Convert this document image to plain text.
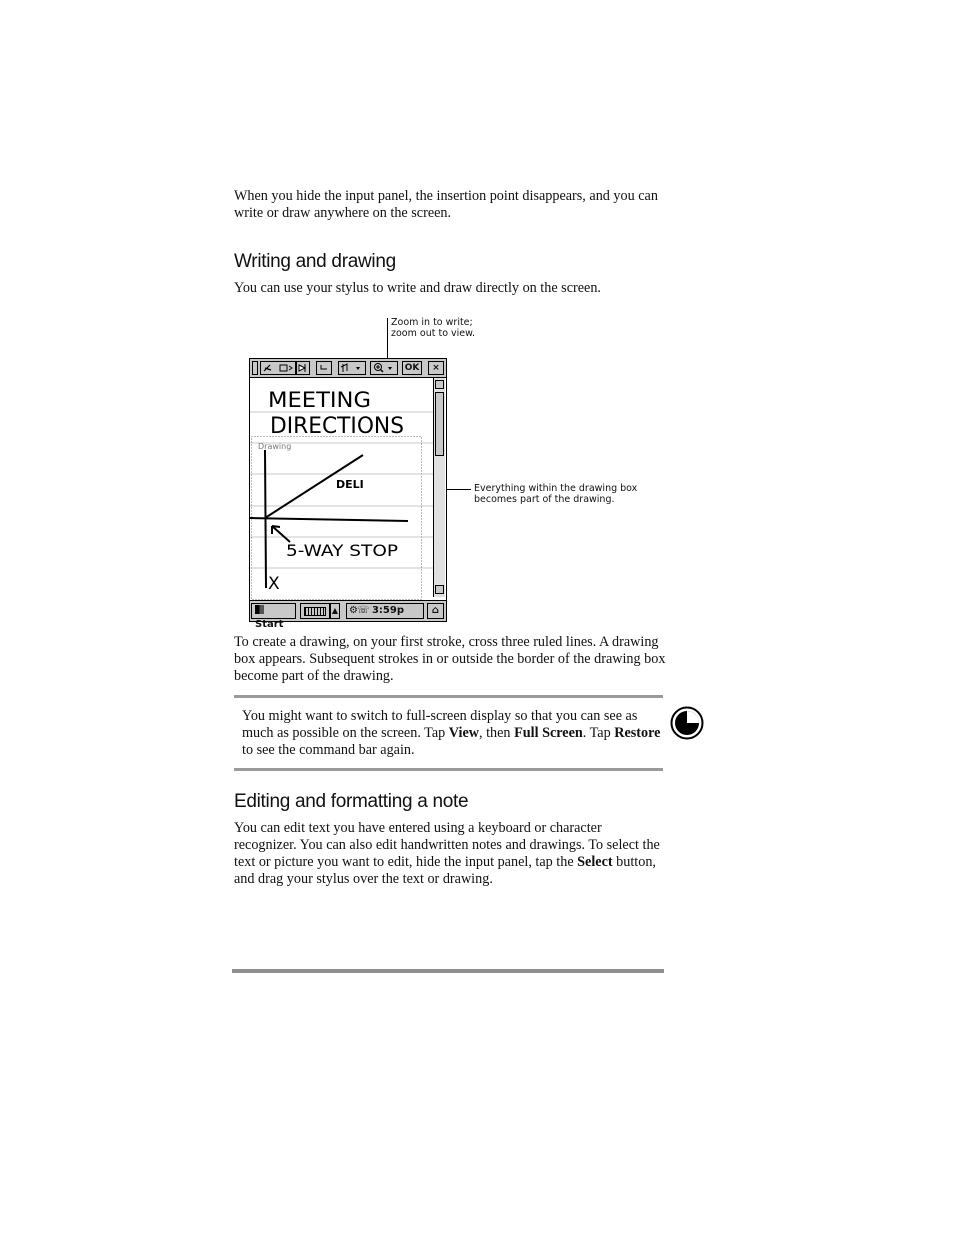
When you hide the input panel, the insertion point disappears, and you can write or draw anywhere on the screen.

Writing and drawing

You can use your stylus to write and draw directly on the screen.

Zoom in to write;
zoom out to view.
Everything within the drawing box
becomes part of the drawing.
OK	×
Drawing
MEETING
DIRECTIONS
DELI
5-WAY STOP
X
Start
▲	⚙☏ 3:59p	⌂

To create a drawing, on your first stroke, cross three ruled lines. A drawing box appears. Subsequent strokes in or outside the border of the drawing box become part of the drawing.

You might want to switch to full-screen display so that you can see as much as possible on the screen. Tap View, then Full Screen. Tap Restore to see the command bar again.

Editing and formatting a note

You can edit text you have entered using a keyboard or character recognizer. You can also edit handwritten notes and drawings. To select the text or picture you want to edit, hide the input panel, tap the Select button, and drag your stylus over the text or drawing.
